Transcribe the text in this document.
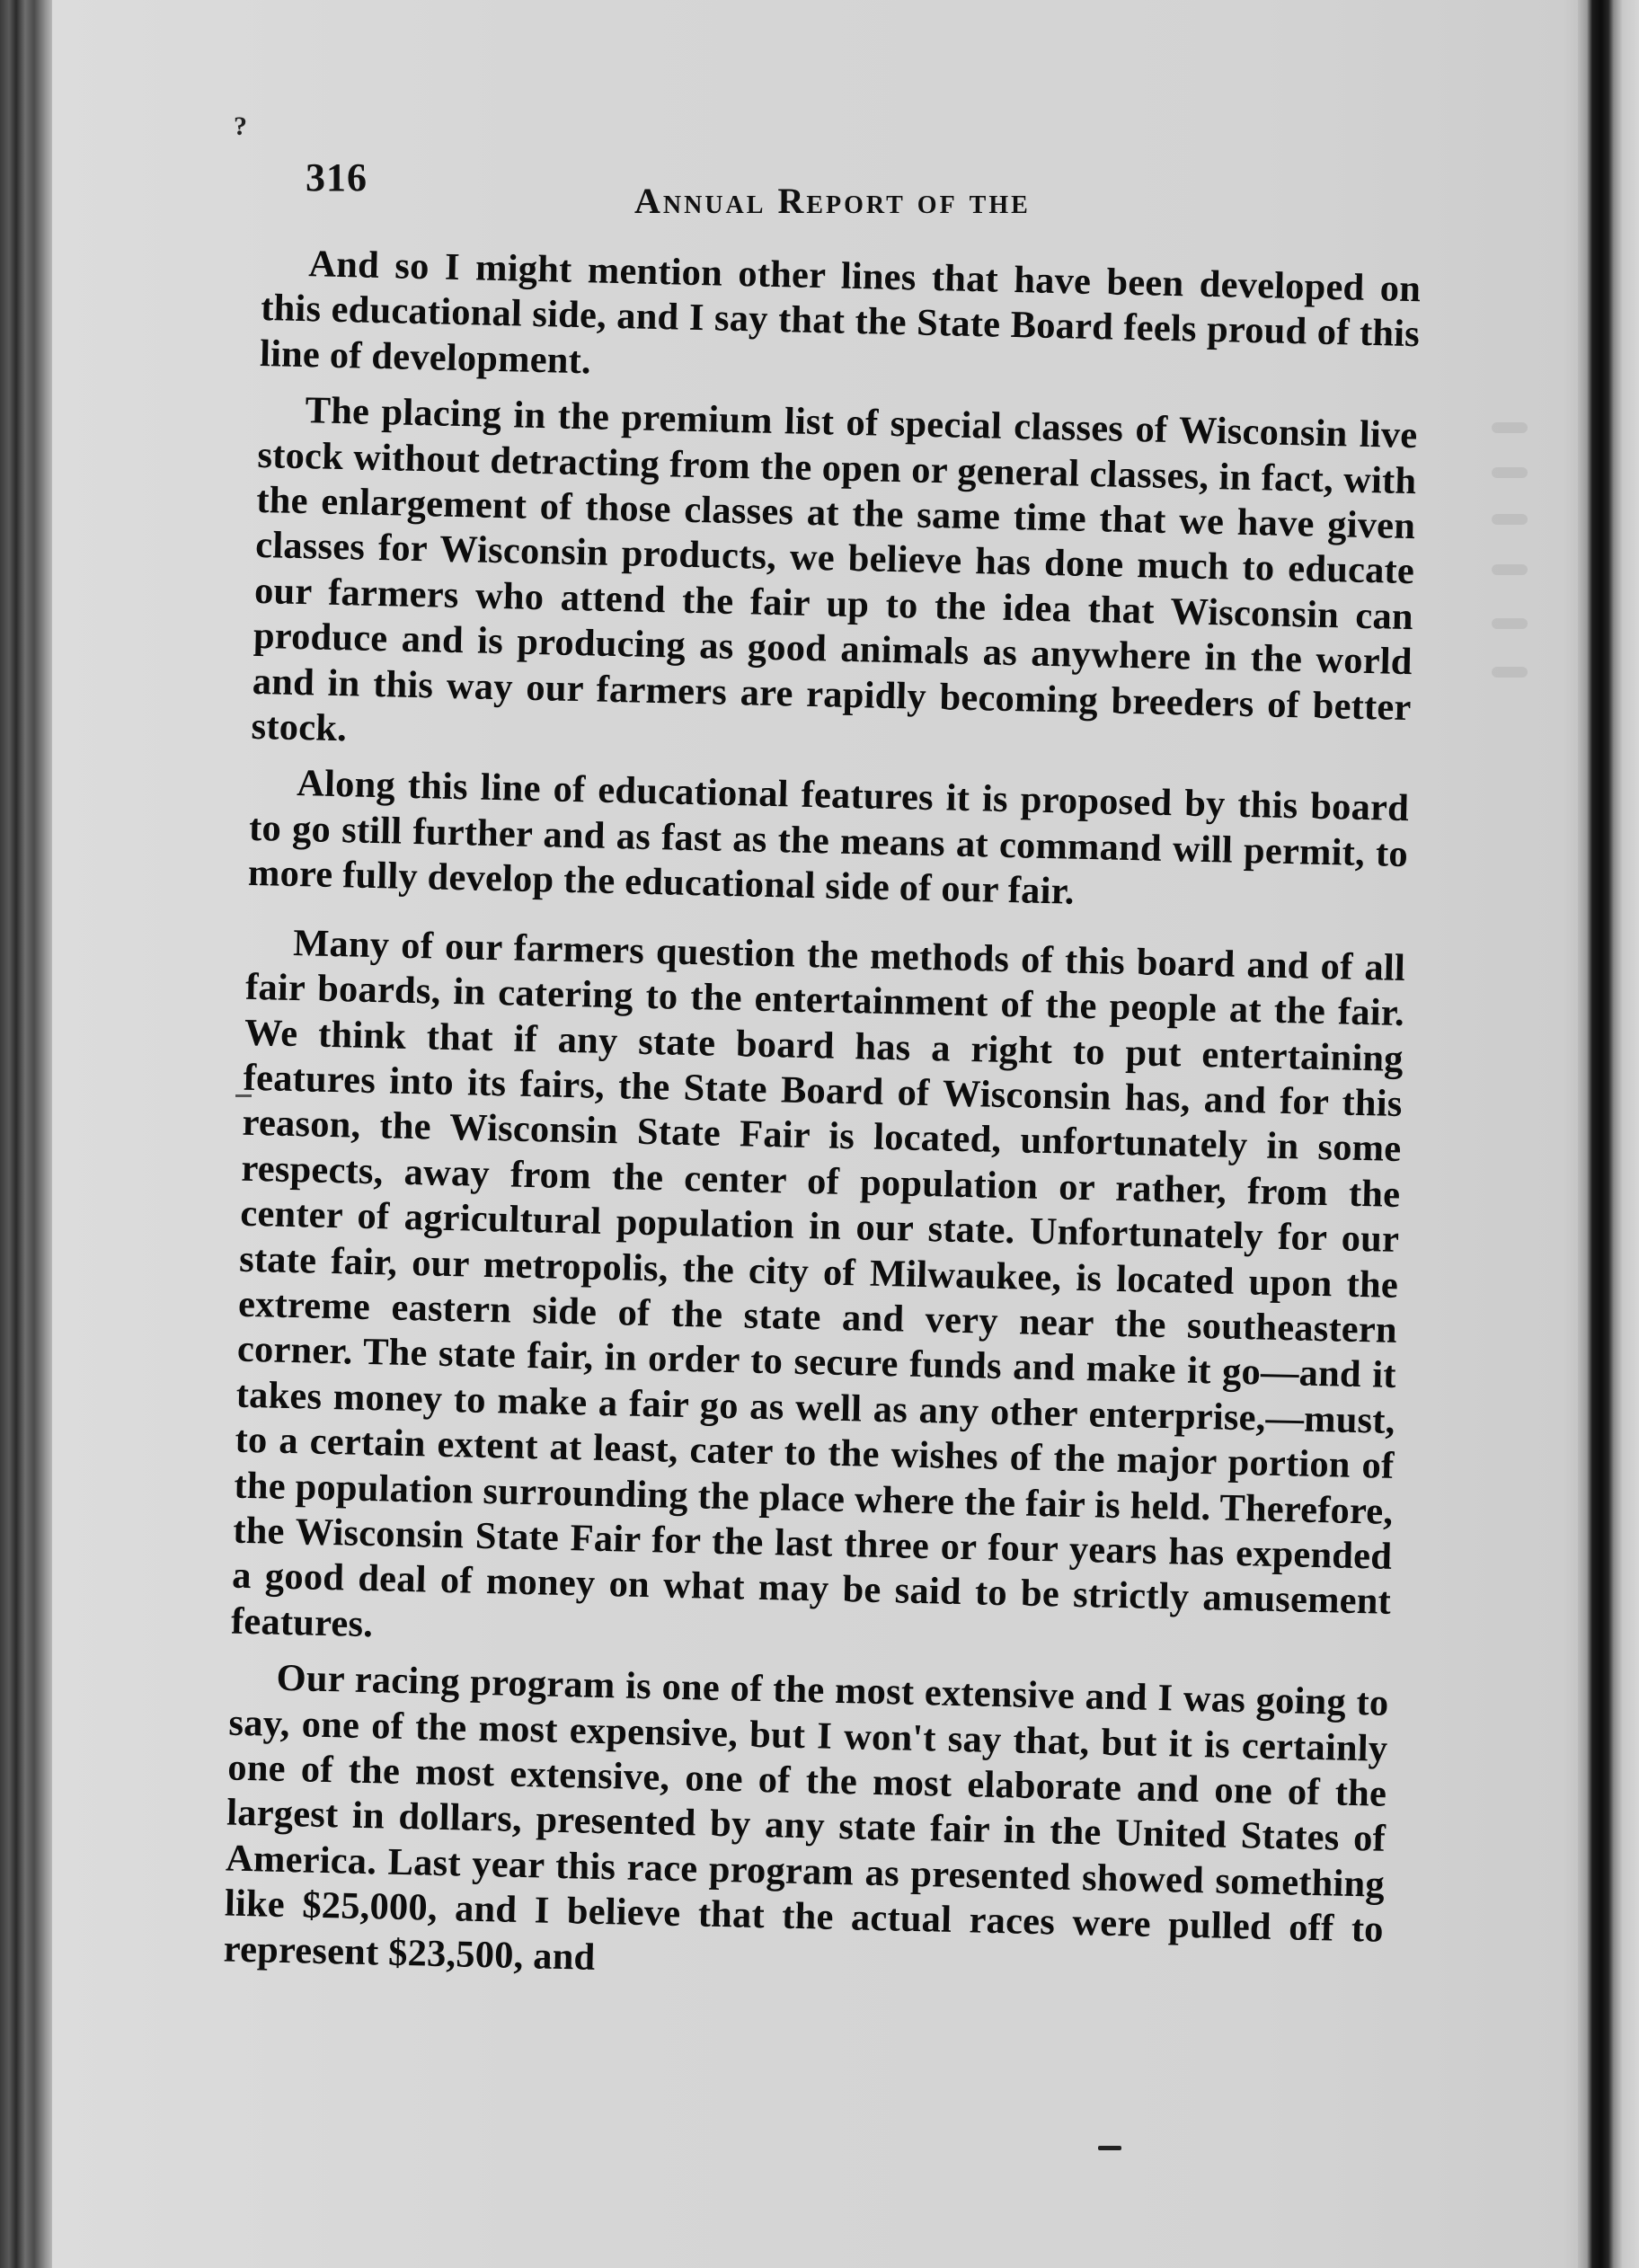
?
316
Annual Report of the

And so I might mention other lines that have been developed on this educational side, and I say that the State Board feels proud of this line of development.

The placing in the premium list of special classes of Wisconsin live stock without detracting from the open or general classes, in fact, with the enlargement of those classes at the same time that we have given classes for Wisconsin products, we believe has done much to educate our farmers who attend the fair up to the idea that Wisconsin can produce and is producing as good animals as anywhere in the world and in this way our farmers are rapidly becoming breeders of better stock.

Along this line of educational features it is proposed by this board to go still further and as fast as the means at command will permit, to more fully develop the educational side of our fair.

Many of our farmers question the methods of this board and of all fair boards, in catering to the entertainment of the people at the fair. We think that if any state board has a right to put entertaining features into its fairs, the State Board of Wisconsin has, and for this reason, the Wisconsin State Fair is located, unfortunately in some respects, away from the center of population or rather, from the center of agricultural population in our state. Unfortunately for our state fair, our metropolis, the city of Milwaukee, is located upon the extreme eastern side of the state and very near the southeastern corner. The state fair, in order to secure funds and make it go—and it takes money to make a fair go as well as any other enterprise,—must, to a certain extent at least, cater to the wishes of the major portion of the population surrounding the place where the fair is held. Therefore, the Wisconsin State Fair for the last three or four years has expended a good deal of money on what may be said to be strictly amusement features.

Our racing program is one of the most extensive and I was going to say, one of the most expensive, but I won't say that, but it is certainly one of the most extensive, one of the most elaborate and one of the largest in dollars, presented by any state fair in the United States of America. Last year this race program as presented showed something like $25,000, and I believe that the actual races were pulled off to represent $23,500, and
